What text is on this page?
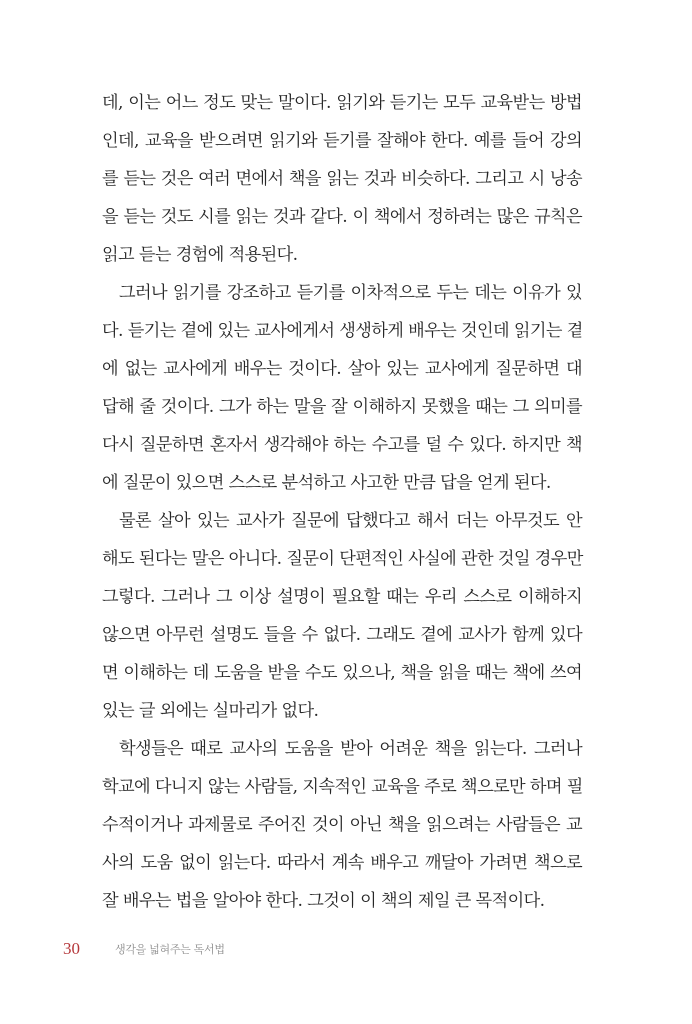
데, 이는 어느 정도 맞는 말이다. 읽기와 듣기는 모두 교육받는 방법
인데, 교육을 받으려면 읽기와 듣기를 잘해야 한다. 예를 들어 강의
를 듣는 것은 여러 면에서 책을 읽는 것과 비슷하다. 그리고 시 낭송
을 듣는 것도 시를 읽는 것과 같다. 이 책에서 정하려는 많은 규칙은
읽고 듣는 경험에 적용된다.
그러나 읽기를 강조하고 듣기를 이차적으로 두는 데는 이유가 있
다. 듣기는 곁에 있는 교사에게서 생생하게 배우는 것인데 읽기는 곁
에 없는 교사에게 배우는 것이다. 살아 있는 교사에게 질문하면 대
답해 줄 것이다. 그가 하는 말을 잘 이해하지 못했을 때는 그 의미를
다시 질문하면 혼자서 생각해야 하는 수고를 덜 수 있다. 하지만 책
에 질문이 있으면 스스로 분석하고 사고한 만큼 답을 얻게 된다.
물론 살아 있는 교사가 질문에 답했다고 해서 더는 아무것도 안
해도 된다는 말은 아니다. 질문이 단편적인 사실에 관한 것일 경우만
그렇다. 그러나 그 이상 설명이 필요할 때는 우리 스스로 이해하지
않으면 아무런 설명도 들을 수 없다. 그래도 곁에 교사가 함께 있다
면 이해하는 데 도움을 받을 수도 있으나, 책을 읽을 때는 책에 쓰여
있는 글 외에는 실마리가 없다.
학생들은 때로 교사의 도움을 받아 어려운 책을 읽는다. 그러나
학교에 다니지 않는 사람들, 지속적인 교육을 주로 책으로만 하며 필
수적이거나 과제물로 주어진 것이 아닌 책을 읽으려는 사람들은 교
사의 도움 없이 읽는다. 따라서 계속 배우고 깨달아 가려면 책으로
잘 배우는 법을 알아야 한다. 그것이 이 책의 제일 큰 목적이다.
30	생각을 넓혀주는 독서법
